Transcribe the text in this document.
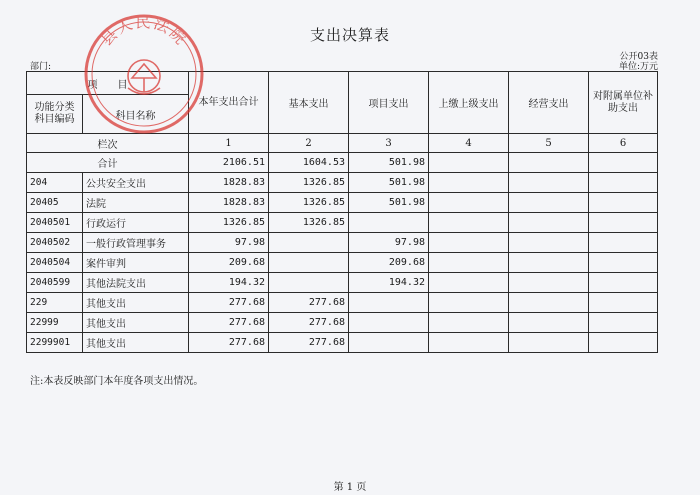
支出决算表
公开03表
部门:	单位:万元
项　　目		本年支出合计	基本支出	项目支出	上缴上级支出	经营支出	对附属单位补助支出
功能分类 科目编码	科目名称						
栏次		1	2	3	4	5	6
合计		2106.51	1604.53	501.98			
204	公共安全支出	1828.83	1326.85	501.98			
20405	法院	1828.83	1326.85	501.98			
2040501	行政运行	1326.85	1326.85				
2040502	一般行政管理事务	97.98		97.98			
2040504	案件审判	209.68		209.68			
2040599	其他法院支出	194.32		194.32			
229	其他支出	277.68	277.68				
22999	其他支出	277.68	277.68				
2299901	其他支出	277.68	277.68				
注:本表反映部门本年度各项支出情况。
第 1 页
县人民法院
